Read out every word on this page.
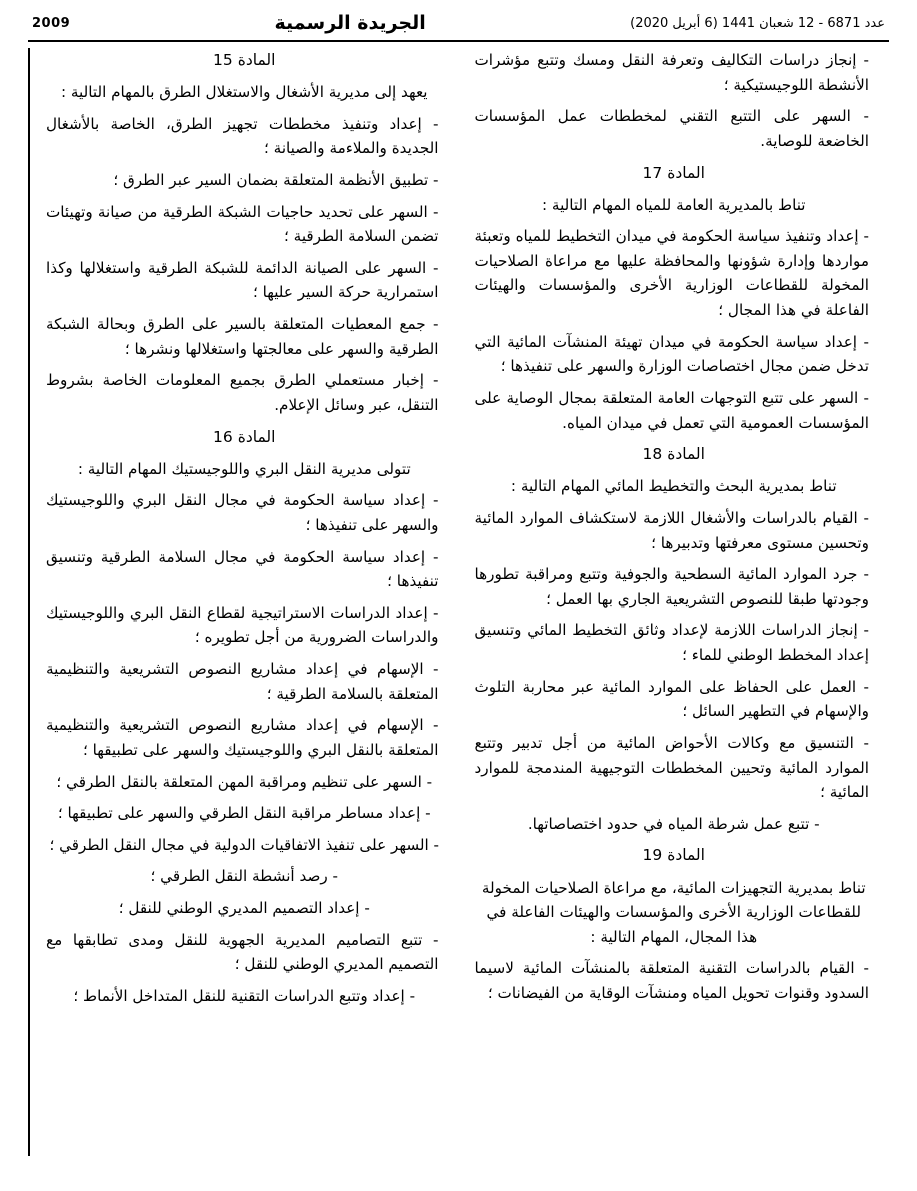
2009	الجريدة الرسمية	عدد 6871 - 12 شعبان 1441 (6 أبريل 2020)

المادة 15

يعهد إلى مديرية الأشغال والاستغلال الطرق بالمهام التالية :

- إعداد وتنفيذ مخططات تجهيز الطرق، الخاصة بالأشغال الجديدة والملاءمة والصيانة ؛

- تطبيق الأنظمة المتعلقة بضمان السير عبر الطرق ؛

- السهر على تحديد حاجيات الشبكة الطرقية من صيانة وتهيئات تضمن السلامة الطرقية ؛

- السهر على الصيانة الدائمة للشبكة الطرقية واستغلالها وكذا استمرارية حركة السير عليها ؛

- جمع المعطيات المتعلقة بالسير على الطرق وبحالة الشبكة الطرقية والسهر على معالجتها واستغلالها ونشرها ؛

- إخبار مستعملي الطرق بجميع المعلومات الخاصة بشروط التنقل، عبر وسائل الإعلام.

المادة 16

تتولى مديرية النقل البري واللوجيستيك المهام التالية :

- إعداد سياسة الحكومة في مجال النقل البري واللوجيستيك والسهر على تنفيذها ؛

- إعداد سياسة الحكومة في مجال السلامة الطرقية وتنسيق تنفيذها ؛

- إعداد الدراسات الاستراتيجية لقطاع النقل البري واللوجيستيك والدراسات الضرورية من أجل تطويره ؛

- الإسهام في إعداد مشاريع النصوص التشريعية والتنظيمية المتعلقة بالسلامة الطرقية ؛

- الإسهام في إعداد مشاريع النصوص التشريعية والتنظيمية المتعلقة بالنقل البري واللوجيستيك والسهر على تطبيقها ؛

- السهر على تنظيم ومراقبة المهن المتعلقة بالنقل الطرقي ؛

- إعداد مساطر مراقبة النقل الطرقي والسهر على تطبيقها ؛

- السهر على تنفيذ الاتفاقيات الدولية في مجال النقل الطرقي ؛

- رصد أنشطة النقل الطرقي ؛

- إعداد التصميم المديري الوطني للنقل ؛

- تتبع التصاميم المديرية الجهوية للنقل ومدى تطابقها مع التصميم المديري الوطني للنقل ؛

- إعداد وتتبع الدراسات التقنية للنقل المتداخل الأنماط ؛

- إنجاز دراسات التكاليف وتعرفة النقل ومسك وتتبع مؤشرات الأنشطة اللوجيستيكية ؛

- السهر على التتبع التقني لمخططات عمل المؤسسات الخاضعة للوصاية.

المادة 17

تناط بالمديرية العامة للمياه المهام التالية :

- إعداد وتنفيذ سياسة الحكومة في ميدان التخطيط للمياه وتعبئة مواردها وإدارة شؤونها والمحافظة عليها مع مراعاة الصلاحيات المخولة للقطاعات الوزارية الأخرى والمؤسسات والهيئات الفاعلة في هذا المجال ؛

- إعداد سياسة الحكومة في ميدان تهيئة المنشآت المائية التي تدخل ضمن مجال اختصاصات الوزارة والسهر على تنفيذها ؛

- السهر على تتبع التوجهات العامة المتعلقة بمجال الوصاية على المؤسسات العمومية التي تعمل في ميدان المياه.

المادة 18

تناط بمديرية البحث والتخطيط المائي المهام التالية :

- القيام بالدراسات والأشغال اللازمة لاستكشاف الموارد المائية وتحسين مستوى معرفتها وتدبيرها ؛

- جرد الموارد المائية السطحية والجوفية وتتبع ومراقبة تطورها وجودتها طبقا للنصوص التشريعية الجاري بها العمل ؛

- إنجاز الدراسات اللازمة لإعداد وثائق التخطيط المائي وتنسيق إعداد المخطط الوطني للماء ؛

- العمل على الحفاظ على الموارد المائية عبر محاربة التلوث والإسهام في التطهير السائل ؛

- التنسيق مع وكالات الأحواض المائية من أجل تدبير وتتبع الموارد المائية وتحيين المخططات التوجيهية المندمجة للموارد المائية ؛

- تتبع عمل شرطة المياه في حدود اختصاصاتها.

المادة 19

تناط بمديرية التجهيزات المائية، مع مراعاة الصلاحيات المخولة للقطاعات الوزارية الأخرى والمؤسسات والهيئات الفاعلة في هذا المجال، المهام التالية :

- القيام بالدراسات التقنية المتعلقة بالمنشآت المائية لاسيما السدود وقنوات تحويل المياه ومنشآت الوقاية من الفيضانات ؛
